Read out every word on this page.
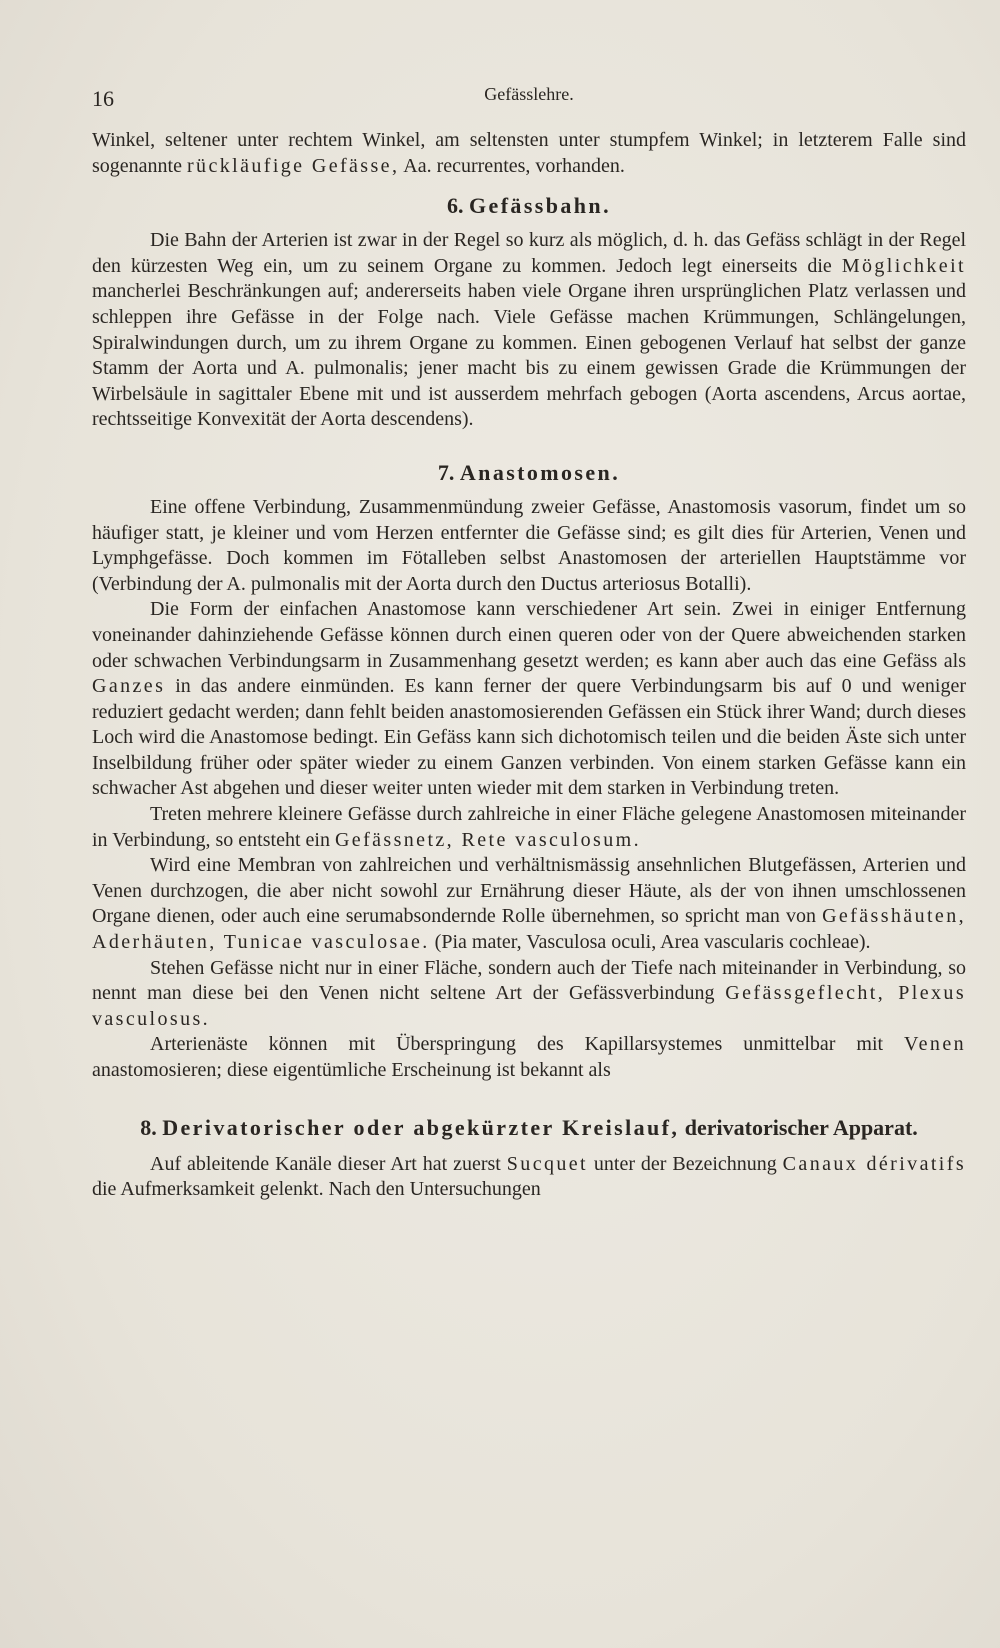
16	Gefässlehre.

Winkel, seltener unter rechtem Winkel, am seltensten unter stumpfem Winkel; in letzterem Falle sind sogenannte rückläufige Gefässe, Aa. recurrentes, vorhanden.

6. Gefässbahn.

Die Bahn der Arterien ist zwar in der Regel so kurz als möglich, d. h. das Gefäss schlägt in der Regel den kürzesten Weg ein, um zu seinem Organe zu kommen. Jedoch legt einerseits die Möglichkeit mancherlei Beschränkungen auf; andererseits haben viele Organe ihren ursprünglichen Platz verlassen und schleppen ihre Gefässe in der Folge nach. Viele Gefässe machen Krümmungen, Schlängelungen, Spiralwindungen durch, um zu ihrem Organe zu kommen. Einen gebogenen Verlauf hat selbst der ganze Stamm der Aorta und A. pulmonalis; jener macht bis zu einem gewissen Grade die Krümmungen der Wirbelsäule in sagittaler Ebene mit und ist ausserdem mehrfach gebogen (Aorta ascendens, Arcus aortae, rechtsseitige Konvexität der Aorta descendens).

7. Anastomosen.

Eine offene Verbindung, Zusammenmündung zweier Gefässe, Anastomosis vasorum, findet um so häufiger statt, je kleiner und vom Herzen entfernter die Gefässe sind; es gilt dies für Arterien, Venen und Lymphgefässe. Doch kommen im Fötalleben selbst Anastomosen der arteriellen Hauptstämme vor (Verbindung der A. pulmonalis mit der Aorta durch den Ductus arteriosus Botalli).

Die Form der einfachen Anastomose kann verschiedener Art sein. Zwei in einiger Entfernung voneinander dahinziehende Gefässe können durch einen queren oder von der Quere abweichenden starken oder schwachen Verbindungsarm in Zusammenhang gesetzt werden; es kann aber auch das eine Gefäss als Ganzes in das andere einmünden. Es kann ferner der quere Verbindungsarm bis auf 0 und weniger reduziert gedacht werden; dann fehlt beiden anastomosierenden Gefässen ein Stück ihrer Wand; durch dieses Loch wird die Anastomose bedingt. Ein Gefäss kann sich dichotomisch teilen und die beiden Äste sich unter Inselbildung früher oder später wieder zu einem Ganzen verbinden. Von einem starken Gefässe kann ein schwacher Ast abgehen und dieser weiter unten wieder mit dem starken in Verbindung treten.

Treten mehrere kleinere Gefässe durch zahlreiche in einer Fläche gelegene Anastomosen miteinander in Verbindung, so entsteht ein Gefässnetz, Rete vasculosum.

Wird eine Membran von zahlreichen und verhältnismässig ansehnlichen Blutgefässen, Arterien und Venen durchzogen, die aber nicht sowohl zur Ernährung dieser Häute, als der von ihnen umschlossenen Organe dienen, oder auch eine serumabsondernde Rolle übernehmen, so spricht man von Gefässhäuten, Aderhäuten, Tunicae vasculosae. (Pia mater, Vasculosa oculi, Area vascularis cochleae).

Stehen Gefässe nicht nur in einer Fläche, sondern auch der Tiefe nach miteinander in Verbindung, so nennt man diese bei den Venen nicht seltene Art der Gefässverbindung Gefässgeflecht, Plexus vasculosus.

Arterienäste können mit Überspringung des Kapillarsystemes unmittelbar mit Venen anastomosieren; diese eigentümliche Erscheinung ist bekannt als

8. Derivatorischer oder abgekürzter Kreislauf, derivatorischer Apparat.

Auf ableitende Kanäle dieser Art hat zuerst Sucquet unter der Bezeichnung Canaux dérivatifs die Aufmerksamkeit gelenkt. Nach den Untersuchungen
